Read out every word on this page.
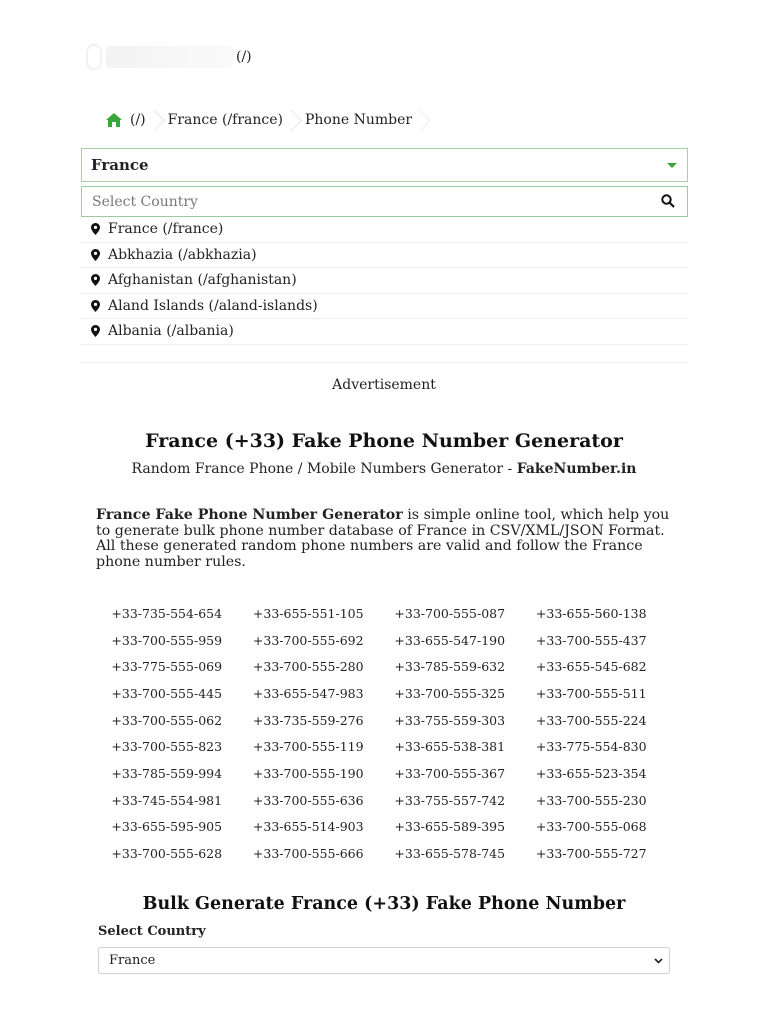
(/)
(/)	France (/france)	Phone Number
France
Select Country
France (/france)
Abkhazia (/abkhazia)
Afghanistan (/afghanistan)
Aland Islands (/aland-islands)
Albania (/albania)
Advertisement
France (+33) Fake Phone Number Generator

Random France Phone / Mobile Numbers Generator - FakeNumber.in

France Fake Phone Number Generator is simple online tool, which help you to generate bulk phone number database of France in CSV/XML/JSON Format. All these generated random phone numbers are valid and follow the France phone number rules.

+33-735-554-654	+33-655-551-105	+33-700-555-087	+33-655-560-138
+33-700-555-959	+33-700-555-692	+33-655-547-190	+33-700-555-437
+33-775-555-069	+33-700-555-280	+33-785-559-632	+33-655-545-682
+33-700-555-445	+33-655-547-983	+33-700-555-325	+33-700-555-511
+33-700-555-062	+33-735-559-276	+33-755-559-303	+33-700-555-224
+33-700-555-823	+33-700-555-119	+33-655-538-381	+33-775-554-830
+33-785-559-994	+33-700-555-190	+33-700-555-367	+33-655-523-354
+33-745-554-981	+33-700-555-636	+33-755-557-742	+33-700-555-230
+33-655-595-905	+33-655-514-903	+33-655-589-395	+33-700-555-068
+33-700-555-628	+33-700-555-666	+33-655-578-745	+33-700-555-727
Bulk Generate France (+33) Fake Phone Number
Select Country
France
